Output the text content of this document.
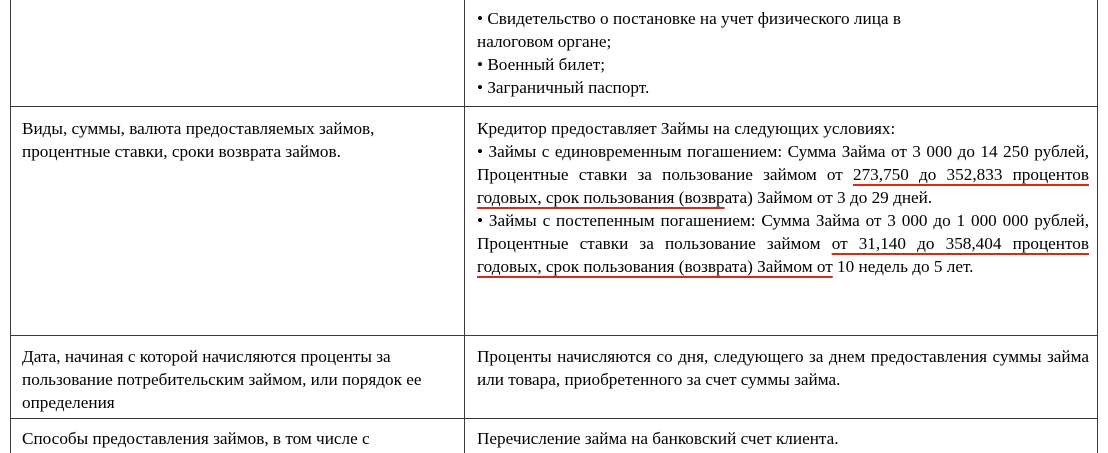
• Свидетельство о постановке на учет физического лица в

налоговом органе;

• Военный билет;

• Заграничный паспорт.

Виды, суммы, валюта предоставляемых займов, процентные ставки, сроки возврата займов.

Кредитор предоставляет Займы на следующих условиях:

• Займы с единовременным погашением: Сумма Займа от 3 000 до 14 250 рублей, Процентные ставки за пользование займом от 273,750 до 352,833 процентов годовых, срок пользования (возврата) Займом от 3 до 29 дней.

• Займы с постепенным погашением: Сумма Займа от 3 000 до 1 000 000 рублей, Процентные ставки за пользование займом от 31,140 до 358,404 процентов годовых, срок пользования (возврата) Займом от 10 недель до 5 лет.

Дата, начиная с которой начисляются проценты за пользование потребительским займом, или порядок ее определения

Проценты начисляются со дня, следующего за днем предоставления суммы займа или товара, приобретенного за счет суммы займа.

Способы предоставления займов, в том числе с	Перечисление займа на банковский счет клиента.
